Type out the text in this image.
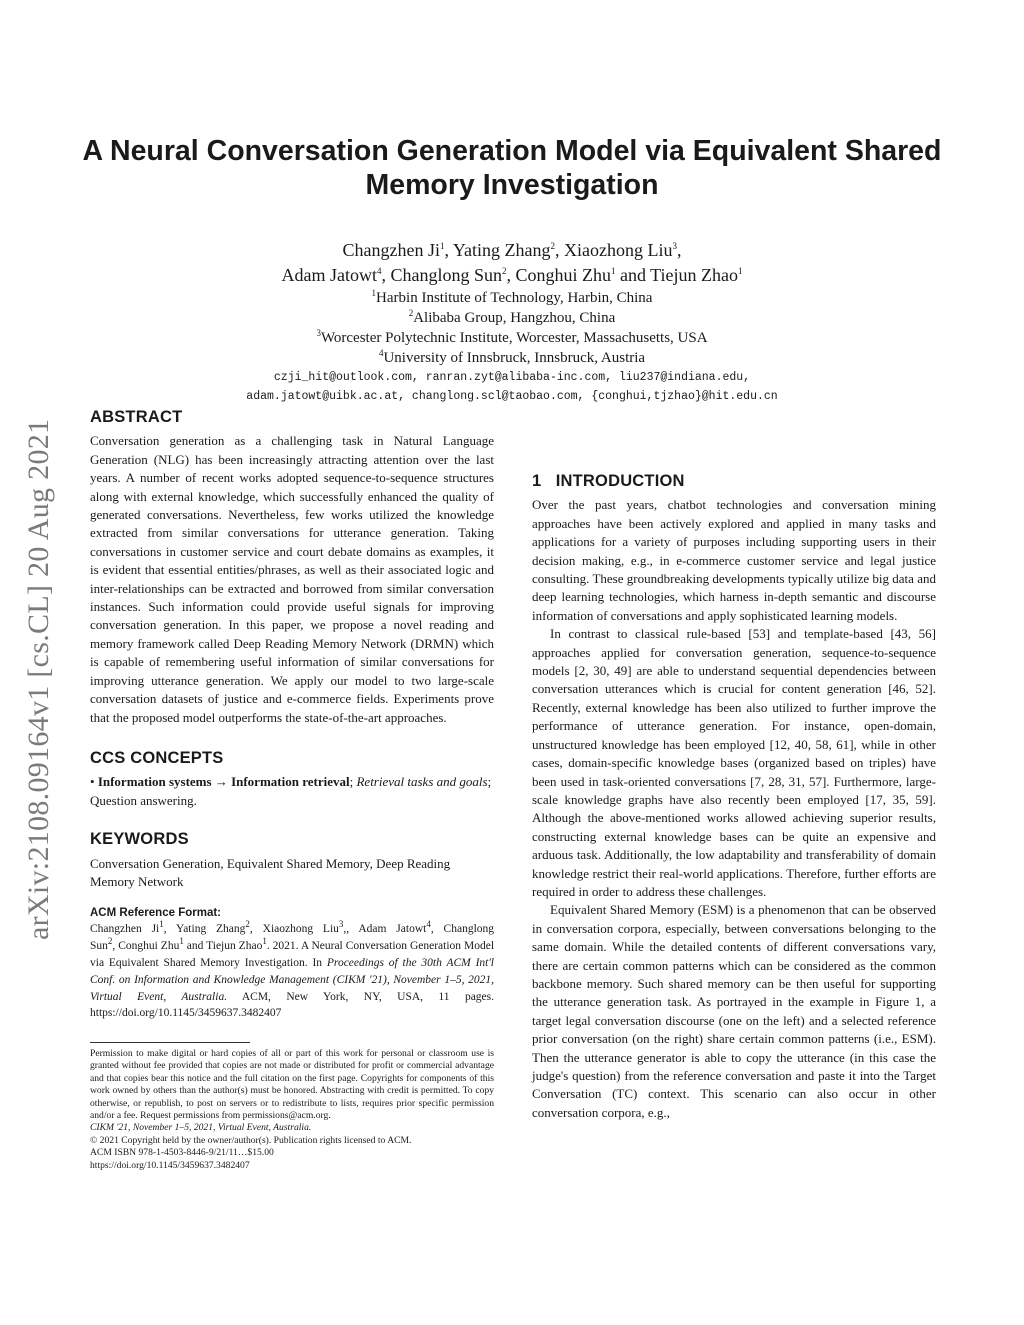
arXiv:2108.09164v1 [cs.CL] 20 Aug 2021
A Neural Conversation Generation Model via Equivalent Shared
Memory Investigation
Changzhen Ji$^1$, Yating Zhang$^2$, Xiaozhong Liu$^3$,
Adam Jatowt$^4$, Changlong Sun$^2$, Conghui Zhu$^1$ and Tiejun Zhao$^1$
$^1$Harbin Institute of Technology, Harbin, China
$^2$Alibaba Group, Hangzhou, China
$^3$Worcester Polytechnic Institute, Worcester, Massachusetts, USA
$^4$University of Innsbruck, Innsbruck, Austria
czji_hit@outlook.com, ranran.zyt@alibaba-inc.com, liu237@indiana.edu,
adam.jatowt@uibk.ac.at, changlong.scl@taobao.com, {conghui,tjzhao}@hit.edu.cn
ABSTRACT

Conversation generation as a challenging task in Natural Language Generation (NLG) has been increasingly attracting attention over the last years. A number of recent works adopted sequence-to-sequence structures along with external knowledge, which successfully enhanced the quality of generated conversations. Nevertheless, few works utilized the knowledge extracted from similar conversations for utterance generation. Taking conversations in customer service and court debate domains as examples, it is evident that essential entities/phrases, as well as their associated logic and inter-relationships can be extracted and borrowed from similar conversation instances. Such information could provide useful signals for improving conversation generation. In this paper, we propose a novel reading and memory framework called Deep Reading Memory Network (DRMN) which is capable of remembering useful information of similar conversations for improving utterance generation. We apply our model to two large-scale conversation datasets of justice and e-commerce fields. Experiments prove that the proposed model outperforms the state-of-the-art approaches.

CCS CONCEPTS

• Information systems → Information retrieval; Retrieval tasks and goals; Question answering.

KEYWORDS

Conversation Generation, Equivalent Shared Memory, Deep Reading Memory Network

ACM Reference Format:

Changzhen Ji$^1$, Yating Zhang$^2$, Xiaozhong Liu$^3$,, Adam Jatowt$^4$, Changlong Sun$^2$, Conghui Zhu$^1$ and Tiejun Zhao$^1$. 2021. A Neural Conversation Generation Model via Equivalent Shared Memory Investigation. In Proceedings of the 30th ACM Int'l Conf. on Information and Knowledge Management (CIKM '21), November 1–5, 2021, Virtual Event, Australia. ACM, New York, NY, USA, 11 pages. https://doi.org/10.1145/3459637.3482407

Permission to make digital or hard copies of all or part of this work for personal or classroom use is granted without fee provided that copies are not made or distributed for profit or commercial advantage and that copies bear this notice and the full citation on the first page. Copyrights for components of this work owned by others than the author(s) must be honored. Abstracting with credit is permitted. To copy otherwise, or republish, to post on servers or to redistribute to lists, requires prior specific permission and/or a fee. Request permissions from permissions@acm.org.

CIKM '21, November 1–5, 2021, Virtual Event, Australia.

© 2021 Copyright held by the owner/author(s). Publication rights licensed to ACM.

ACM ISBN 978-1-4503-8446-9/21/11…$15.00

https://doi.org/10.1145/3459637.3482407

1 INTRODUCTION

Over the past years, chatbot technologies and conversation mining approaches have been actively explored and applied in many tasks and applications for a variety of purposes including supporting users in their decision making, e.g., in e-commerce customer service and legal justice consulting. These groundbreaking developments typically utilize big data and deep learning technologies, which harness in-depth semantic and discourse information of conversations and apply sophisticated learning models.

In contrast to classical rule-based [53] and template-based [43, 56] approaches applied for conversation generation, sequence-to-sequence models [2, 30, 49] are able to understand sequential dependencies between conversation utterances which is crucial for content generation [46, 52]. Recently, external knowledge has been also utilized to further improve the performance of utterance generation. For instance, open-domain, unstructured knowledge has been employed [12, 40, 58, 61], while in other cases, domain-specific knowledge bases (organized based on triples) have been used in task-oriented conversations [7, 28, 31, 57]. Furthermore, large-scale knowledge graphs have also recently been employed [17, 35, 59]. Although the above-mentioned works allowed achieving superior results, constructing external knowledge bases can be quite an expensive and arduous task. Additionally, the low adaptability and transferability of domain knowledge restrict their real-world applications. Therefore, further efforts are required in order to address these challenges.

Equivalent Shared Memory (ESM) is a phenomenon that can be observed in conversation corpora, especially, between conversations belonging to the same domain. While the detailed contents of different conversations vary, there are certain common patterns which can be considered as the common backbone memory. Such shared memory can be then useful for supporting the utterance generation task. As portrayed in the example in Figure 1, a target legal conversation discourse (one on the left) and a selected reference prior conversation (on the right) share certain common patterns (i.e., ESM). Then the utterance generator is able to copy the utterance (in this case the judge's question) from the reference conversation and paste it into the Target Conversation (TC) context. This scenario can also occur in other conversation corpora, e.g.,
